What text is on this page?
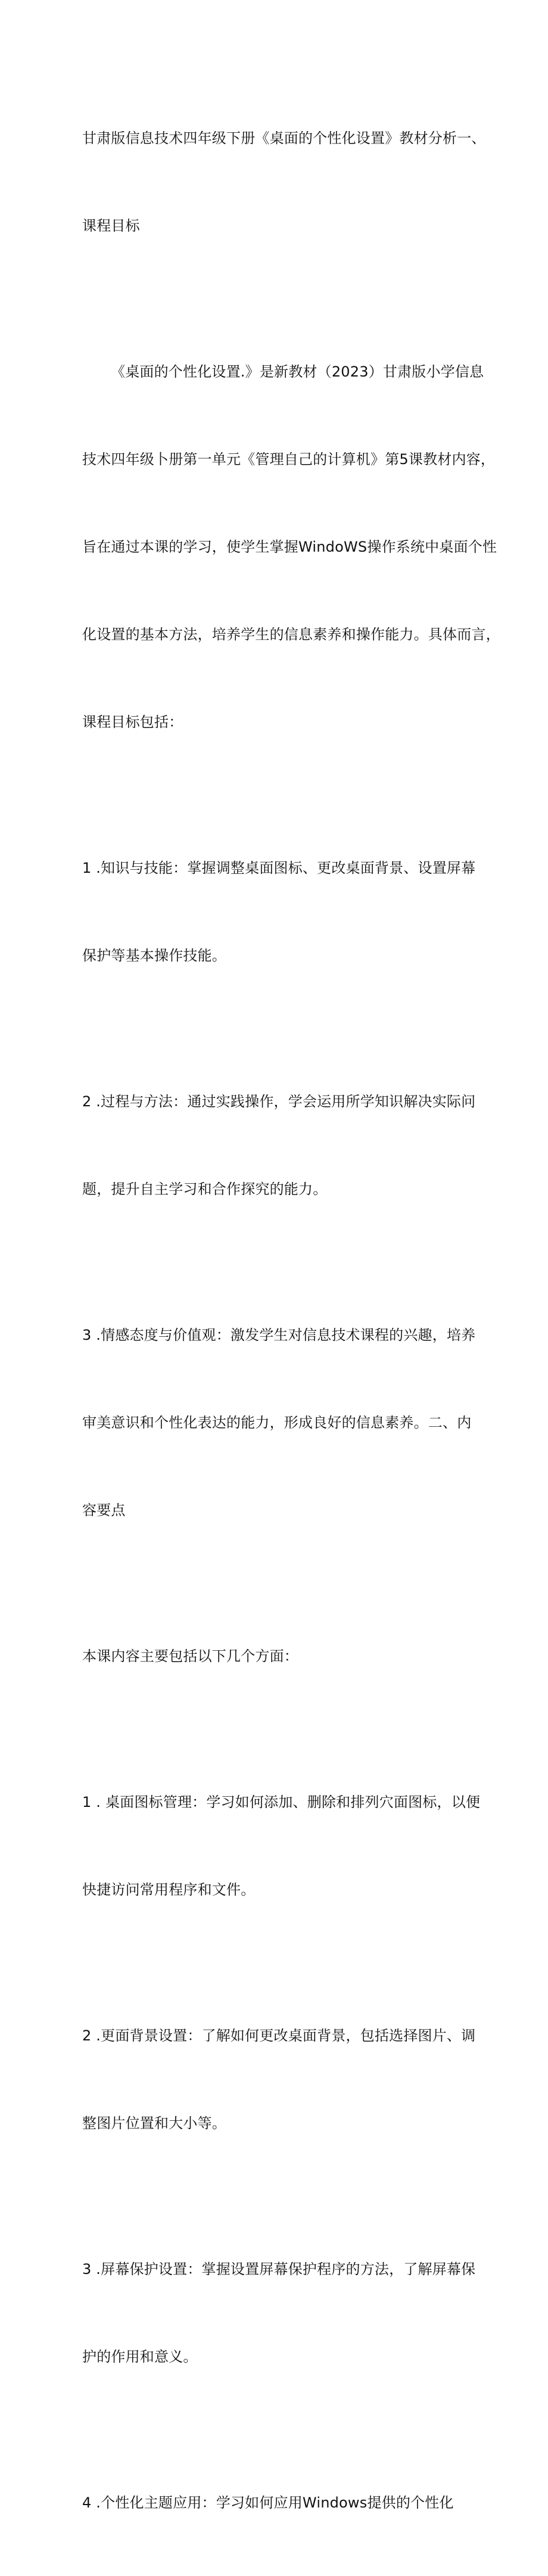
甘肃版信息技术四年级下册《桌面的个性化设置》教材分析一、

课程目标

《桌面的个性化设置.》是新教材（2023）甘肃版小学信息

技术四年级卜册第一单元《管理自己的计算机》第5课教材内容，

旨在通过本课的学习，使学生掌握WindoWS操作系统中桌面个性

化设置的基本方法，培养学生的信息素养和操作能力。具体而言，

课程目标包括：

1 .知识与技能：掌握调整桌面图标、更改桌面背景、设置屏幕

保护等基本操作技能。

2 .过程与方法：通过实践操作，学会运用所学知识解决实际问

题，提升自主学习和合作探究的能力。

3 .情感态度与价值观：激发学生对信息技术课程的兴趣，培养

审美意识和个性化表达的能力，形成良好的信息素养。二、内

容要点

本课内容主要包括以下几个方面：

1 . 桌面图标管理：学习如何添加、删除和排列穴面图标，以便

快捷访问常用程序和文件。

2 .更面背景设置：了解如何更改桌面背景，包括选择图片、调

整图片位置和大小等。

3 .屏幕保护设置：掌握设置屏幕保护程序的方法，了解屏幕保

护的作用和意义。

4 .个性化主题应用：学习如何应用Windows提供的个性化
